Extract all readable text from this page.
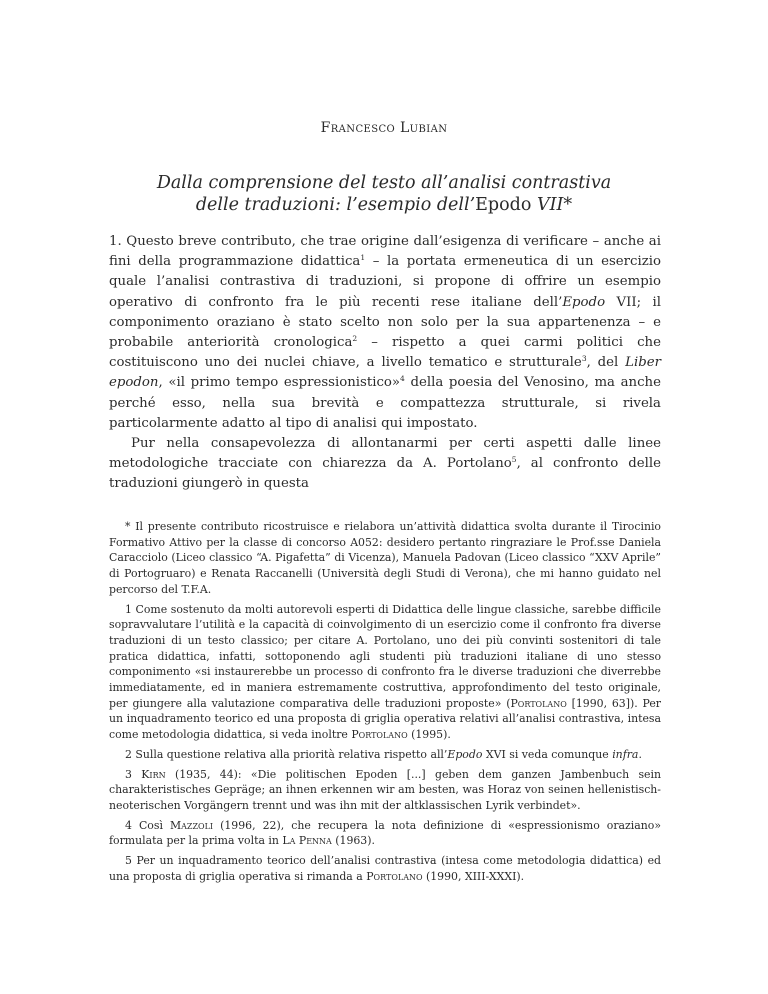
Francesco Lubian
Dalla comprensione del testo all’analisi contrastiva
delle traduzioni: l’esempio dell’Epodo VII*

1. Questo breve contributo, che trae origine dall’esigenza di verificare – anche ai fini della programmazione didattica$^1$ – la portata ermeneutica di un esercizio quale l’analisi contrastiva di traduzioni, si propone di offrire un esempio operativo di confronto fra le più recenti rese italiane dell’Epodo VII; il componimento oraziano è stato scelto non solo per la sua appartenenza – e probabile anteriorità cronologica$^2$ – rispetto a quei carmi politici che costituiscono uno dei nuclei chiave, a livello tematico e strutturale$^3$, del Liber epodon, «il primo tempo espressionistico»$^4$ della poesia del Venosino, ma anche perché esso, nella sua brevità e compattezza strutturale, si rivela particolarmente adatto al tipo di analisi qui impostato.

Pur nella consapevolezza di allontanarmi per certi aspetti dalle linee metodologiche tracciate con chiarezza da A. Portolano$^5$, al confronto delle traduzioni giungerò in questa

* Il presente contributo ricostruisce e rielabora un’attività didattica svolta durante il Tirocinio Formativo Attivo per la classe di concorso A052: desidero pertanto ringraziare le Prof.sse Daniela Caracciolo (Liceo classico “A. Pigafetta” di Vicenza), Manuela Padovan (Liceo classico “XXV Aprile” di Portogruaro) e Renata Raccanelli (Università degli Studi di Verona), che mi hanno guidato nel percorso del T.F.A.

1 Come sostenuto da molti autorevoli esperti di Didattica delle lingue classiche, sarebbe difficile sopravvalutare l’utilità e la capacità di coinvolgimento di un esercizio come il confronto fra diverse traduzioni di un testo classico; per citare A. Portolano, uno dei più convinti sostenitori di tale pratica didattica, infatti, sottoponendo agli studenti più traduzioni italiane di uno stesso componimento «si instaurerebbe un processo di confronto fra le diverse traduzioni che diverrebbe immediatamente, ed in maniera estremamente costruttiva, approfondimento del testo originale, per giungere alla valutazione comparativa delle traduzioni proposte» (Portolano [1990, 63]). Per un inquadramento teorico ed una proposta di griglia operativa relativi all’analisi contrastiva, intesa come metodologia didattica, si veda inoltre Portolano (1995).

2 Sulla questione relativa alla priorità relativa rispetto all’Epodo XVI si veda comunque infra.

3 Kirn (1935, 44): «Die politischen Epoden [...] geben dem ganzen Jambenbuch sein charakteristisches Gepräge; an ihnen erkennen wir am besten, was Horaz von seinen hellenistisch-neoterischen Vorgängern trennt und was ihn mit der altklassischen Lyrik verbindet».

4 Così Mazzoli (1996, 22), che recupera la nota definizione di «espressionismo oraziano» formulata per la prima volta in La Penna (1963).

5 Per un inquadramento teorico dell’analisi contrastiva (intesa come metodologia didattica) ed una proposta di griglia operativa si rimanda a Portolano (1990, XIII-XXXI).
